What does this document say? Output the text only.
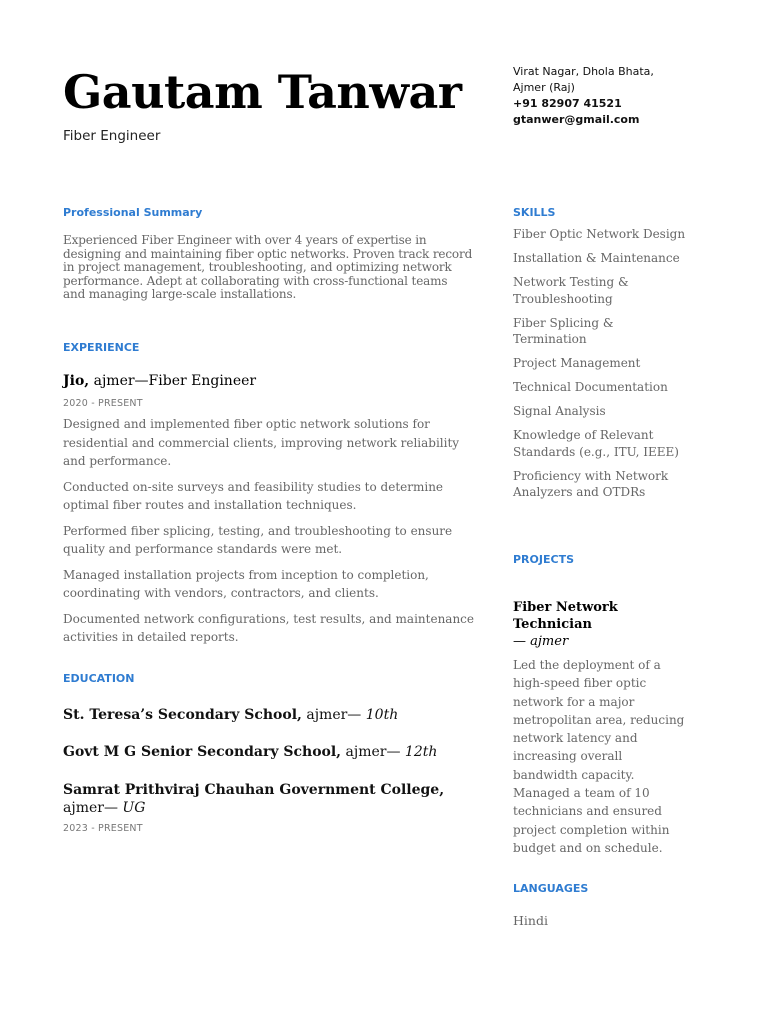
Gautam Tanwar
Fiber Engineer
Virat Nagar, Dhola Bhata,
Ajmer (Raj)
+91 82907 41521
gtanwer@gmail.com
Professional Summary
Experienced Fiber Engineer with over 4 years of expertise in designing and maintaining fiber optic networks. Proven track record in project management, troubleshooting, and optimizing network performance. Adept at collaborating with cross-functional teams and managing large-scale installations.
EXPERIENCE
Jio, ajmer—Fiber Engineer
2020 - PRESENT

Designed and implemented fiber optic network solutions for residential and commercial clients, improving network reliability and performance.

Conducted on-site surveys and feasibility studies to determine optimal fiber routes and installation techniques.

Performed fiber splicing, testing, and troubleshooting to ensure quality and performance standards were met.

Managed installation projects from inception to completion, coordinating with vendors, contractors, and clients.

Documented network configurations, test results, and maintenance activities in detailed reports.

EDUCATION
St. Teresa’s Secondary School, ajmer— 10th
Govt M G Senior Secondary School, ajmer— 12th
Samrat Prithviraj Chauhan Government College, ajmer— UG
2023 - PRESENT
SKILLS
Fiber Optic Network Design
Installation & Maintenance
Network Testing & Troubleshooting
Fiber Splicing & Termination
Project Management
Technical Documentation
Signal Analysis
Knowledge of Relevant Standards (e.g., ITU, IEEE)
Proficiency with Network Analyzers and OTDRs
PROJECTS
Fiber Network Technician
— ajmer
Led the deployment of a high-speed fiber optic network for a major metropolitan area, reducing network latency and increasing overall bandwidth capacity. Managed a team of 10 technicians and ensured project completion within budget and on schedule.
LANGUAGES
Hindi
